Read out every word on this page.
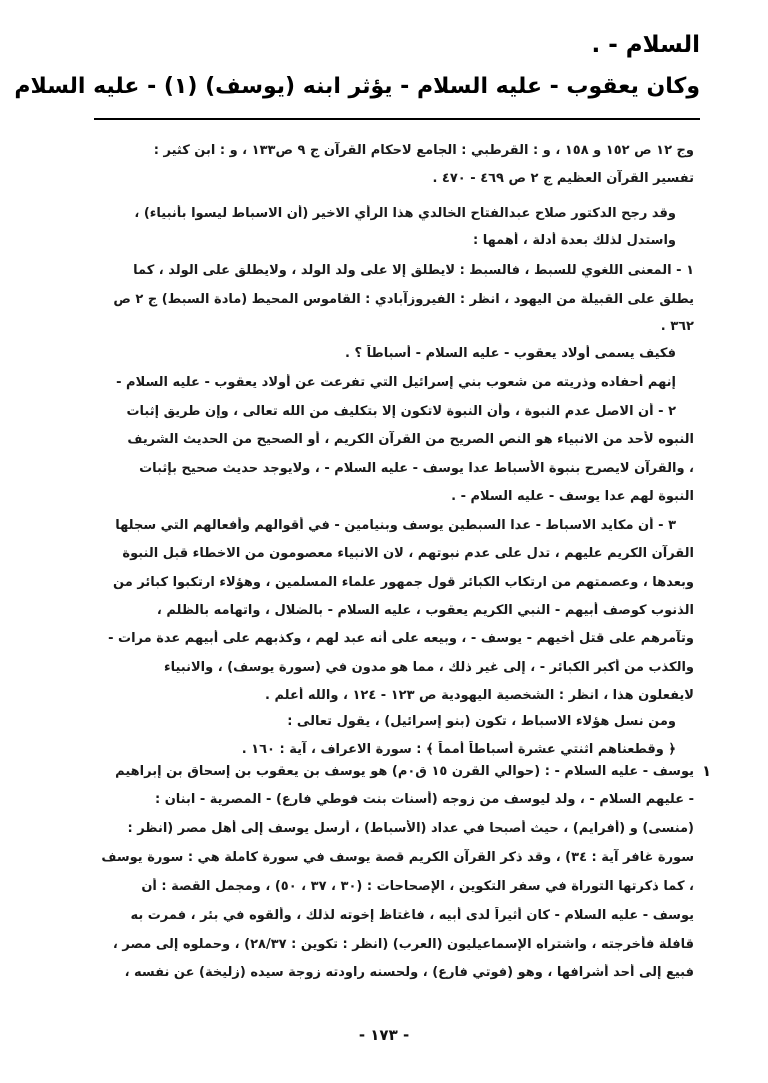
السلام - .
وكان يعقوب - عليه السلام - يؤثر ابنه (يوسف) (١) - عليه السلام
وج ١٢ ص ١٥٢ و ١٥٨ ، و : القرطبي : الجامع لاحكام القرآن ج ٩ ص١٣٣ ، و : ابن كثير :
تفسير القرآن العظيم ج ٢ ص ٤٦٩ - ٤٧٠ .
وقد رجح الدكتور صلاح عبدالفتاح الخالدي هذا الرأي الاخير (أن الاسباط ليسوا بأنبياء) ،
واستدل لذلك بعدة أدلة ، أهمها :
١ - المعنى اللغوي للسبط ، فالسبط : لايطلق إلا على ولد الولد ، ولايطلق على الولد ، كما
يطلق على القبيلة من اليهود ، انظر : الفيروزآبادي : القاموس المحيط (مادة السبط) ج ٢ ص
٣٦٢ .
فكيف يسمى أولاد يعقوب - عليه السلام - أسباطاً ؟ .
إنهم أحفاده وذريته من شعوب بني إسرائيل التي تفرعت عن أولاد يعقوب - عليه السلام -
٢ - أن الاصل عدم النبوة ، وأن النبوة لاتكون إلا بتكليف من الله تعالى ، وإن طريق إثبات
النبوه لأحد من الانبياء هو النص الصريح من القرآن الكريم ، أو الصحيح من الحديث الشريف
، والقرآن لايصرح بنبوة الأسباط عدا يوسف - عليه السلام - ، ولايوجد حديث صحيح بإثبات
النبوة لهم عدا يوسف - عليه السلام - .
٣ - أن مكايد الاسباط - عدا السبطين يوسف وبنيامين - في أقوالهم وأفعالهم التي سجلها
القرآن الكريم عليهم ، تدل على عدم نبوتهم ، لان الانبياء معصومون من الاخطاء قبل النبوة
وبعدها ، وعصمتهم من ارتكاب الكبائر قول جمهور علماء المسلمين ، وهؤلاء ارتكبوا كبائر من
الذنوب كوصف أبيهم - النبي الكريم يعقوب ، عليه السلام - بالضلال ، واتهامه بالظلم ،
وتآمرهم على قتل أخيهم - يوسف - ، وبيعه على أنه عبد لهم ، وكذبهم على أبيهم عدة مرات -
والكذب من أكبر الكبائر - ، إلى غير ذلك ، مما هو مدون في (سورة يوسف) ، والانبياء
لايفعلون هذا ، انظر : الشخصية اليهودية ص ١٢٣ - ١٢٤ ، والله أعلم .
ومن نسل هؤلاء الاسباط ، تكون (بنو إسرائيل) ، يقول تعالى :
﴿ وقطعناهم اثنتي عشرة أسباطاً أمماً ﴾ : سورة الاعراف ، آية : ١٦٠ .
يوسف - عليه السلام - : (حوالي القرن ١٥ ق٠م) هو يوسف بن يعقوب بن إسحاق بن إبراهيم
- عليهم السلام - ، ولد ليوسف من زوجه (أسنات بنت فوطي فارع) - المصرية - ابنان :
(منسى) و (أفرايم) ، حيث أصبحا في عداد (الأسباط) ، أرسل يوسف إلى أهل مصر (انظر :
سورة غافر آية : ٣٤) ، وقد ذكر القرآن الكريم قصة يوسف في سورة كاملة هي : سورة يوسف
، كما ذكرتها التوراة في سفر التكوين ، الإصحاحات : (٣٠ ، ٣٧ ، ٥٠) ، ومجمل القصة : أن
يوسف - عليه السلام - كان أثيراً لدى أبيه ، فاغتاظ إخوته لذلك ، وألقوه في بئر ، فمرت به
قافلة فأخرجته ، واشتراه الإسماعيليون (العرب) (انظر : تكوين : ٢٨/٣٧) ، وحملوه إلى مصر ،
فبيع إلى أحد أشرافها ، وهو (فوتي فارع) ، ولحسنه راودته زوجة سيده (زليخة) عن نفسه ،
١
- ١٧٣ -
